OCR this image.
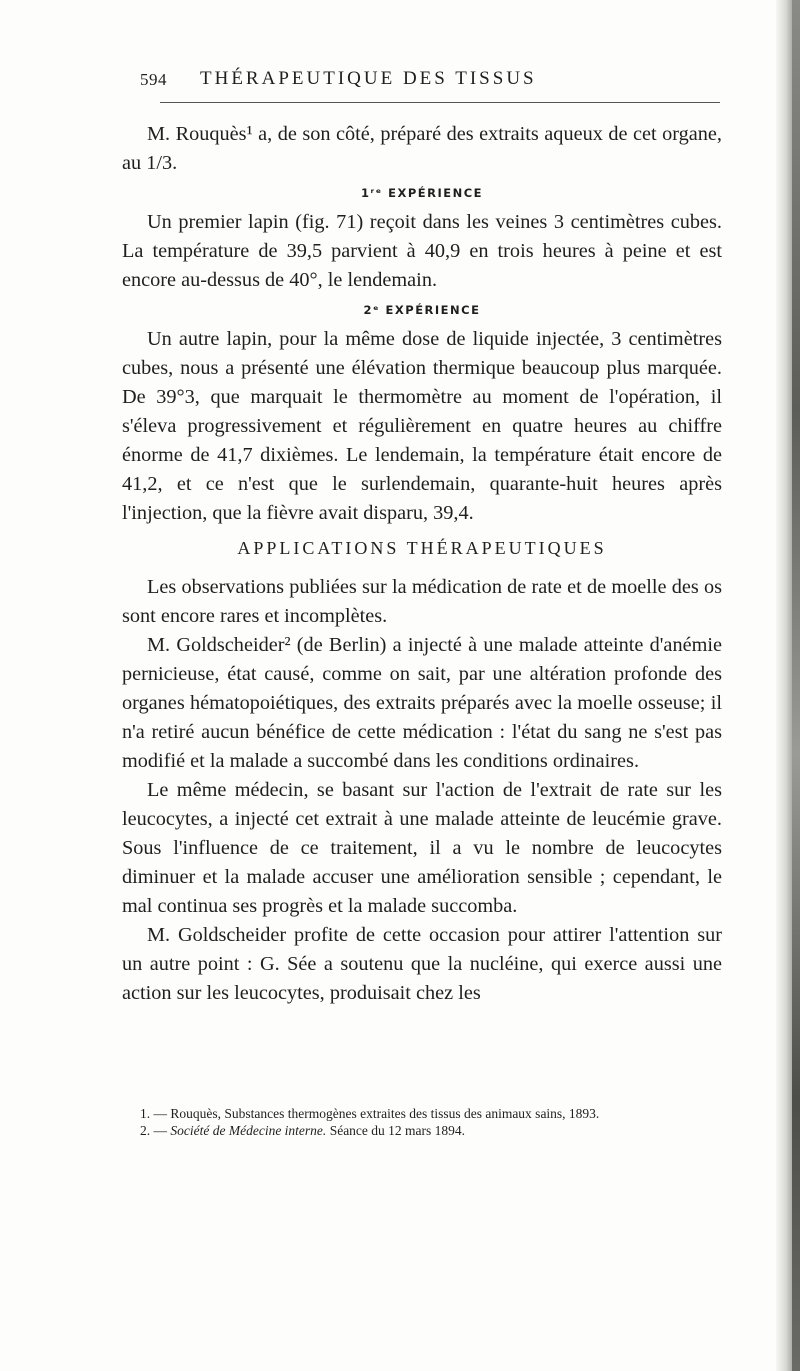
594 THÉRAPEUTIQUE DES TISSUS

M. Rouquès¹ a, de son côté, préparé des extraits aqueux de cet organe, au 1/3.

1ʳᵉ EXPÉRIENCE

Un premier lapin (fig. 71) reçoit dans les veines 3 centimètres cubes. La température de 39,5 parvient à 40,9 en trois heures à peine et est encore au-dessus de 40°, le lendemain.

2ᵉ EXPÉRIENCE

Un autre lapin, pour la même dose de liquide injectée, 3 centimètres cubes, nous a présenté une élévation thermique beaucoup plus marquée. De 39°3, que marquait le thermomètre au moment de l'opération, il s'éleva progressivement et régulièrement en quatre heures au chiffre énorme de 41,7 dixièmes. Le lendemain, la température était encore de 41,2, et ce n'est que le surlendemain, quarante-huit heures après l'injection, que la fièvre avait disparu, 39,4.

APPLICATIONS THÉRAPEUTIQUES

Les observations publiées sur la médication de rate et de moelle des os sont encore rares et incomplètes.

M. Goldscheider² (de Berlin) a injecté à une malade atteinte d'anémie pernicieuse, état causé, comme on sait, par une altération profonde des organes hématopoiétiques, des extraits préparés avec la moelle osseuse; il n'a retiré aucun bénéfice de cette médication : l'état du sang ne s'est pas modifié et la malade a succombé dans les conditions ordinaires.

Le même médecin, se basant sur l'action de l'extrait de rate sur les leucocytes, a injecté cet extrait à une malade atteinte de leucémie grave. Sous l'influence de ce traitement, il a vu le nombre de leucocytes diminuer et la malade accuser une amélioration sensible ; cependant, le mal continua ses progrès et la malade succomba.

M. Goldscheider profite de cette occasion pour attirer l'attention sur un autre point : G. Sée a soutenu que la nucléine, qui exerce aussi une action sur les leucocytes, produisait chez les

1. — Rouquès, Substances thermogènes extraites des tissus des animaux sains, 1893.

2. — Société de Médecine interne. Séance du 12 mars 1894.
